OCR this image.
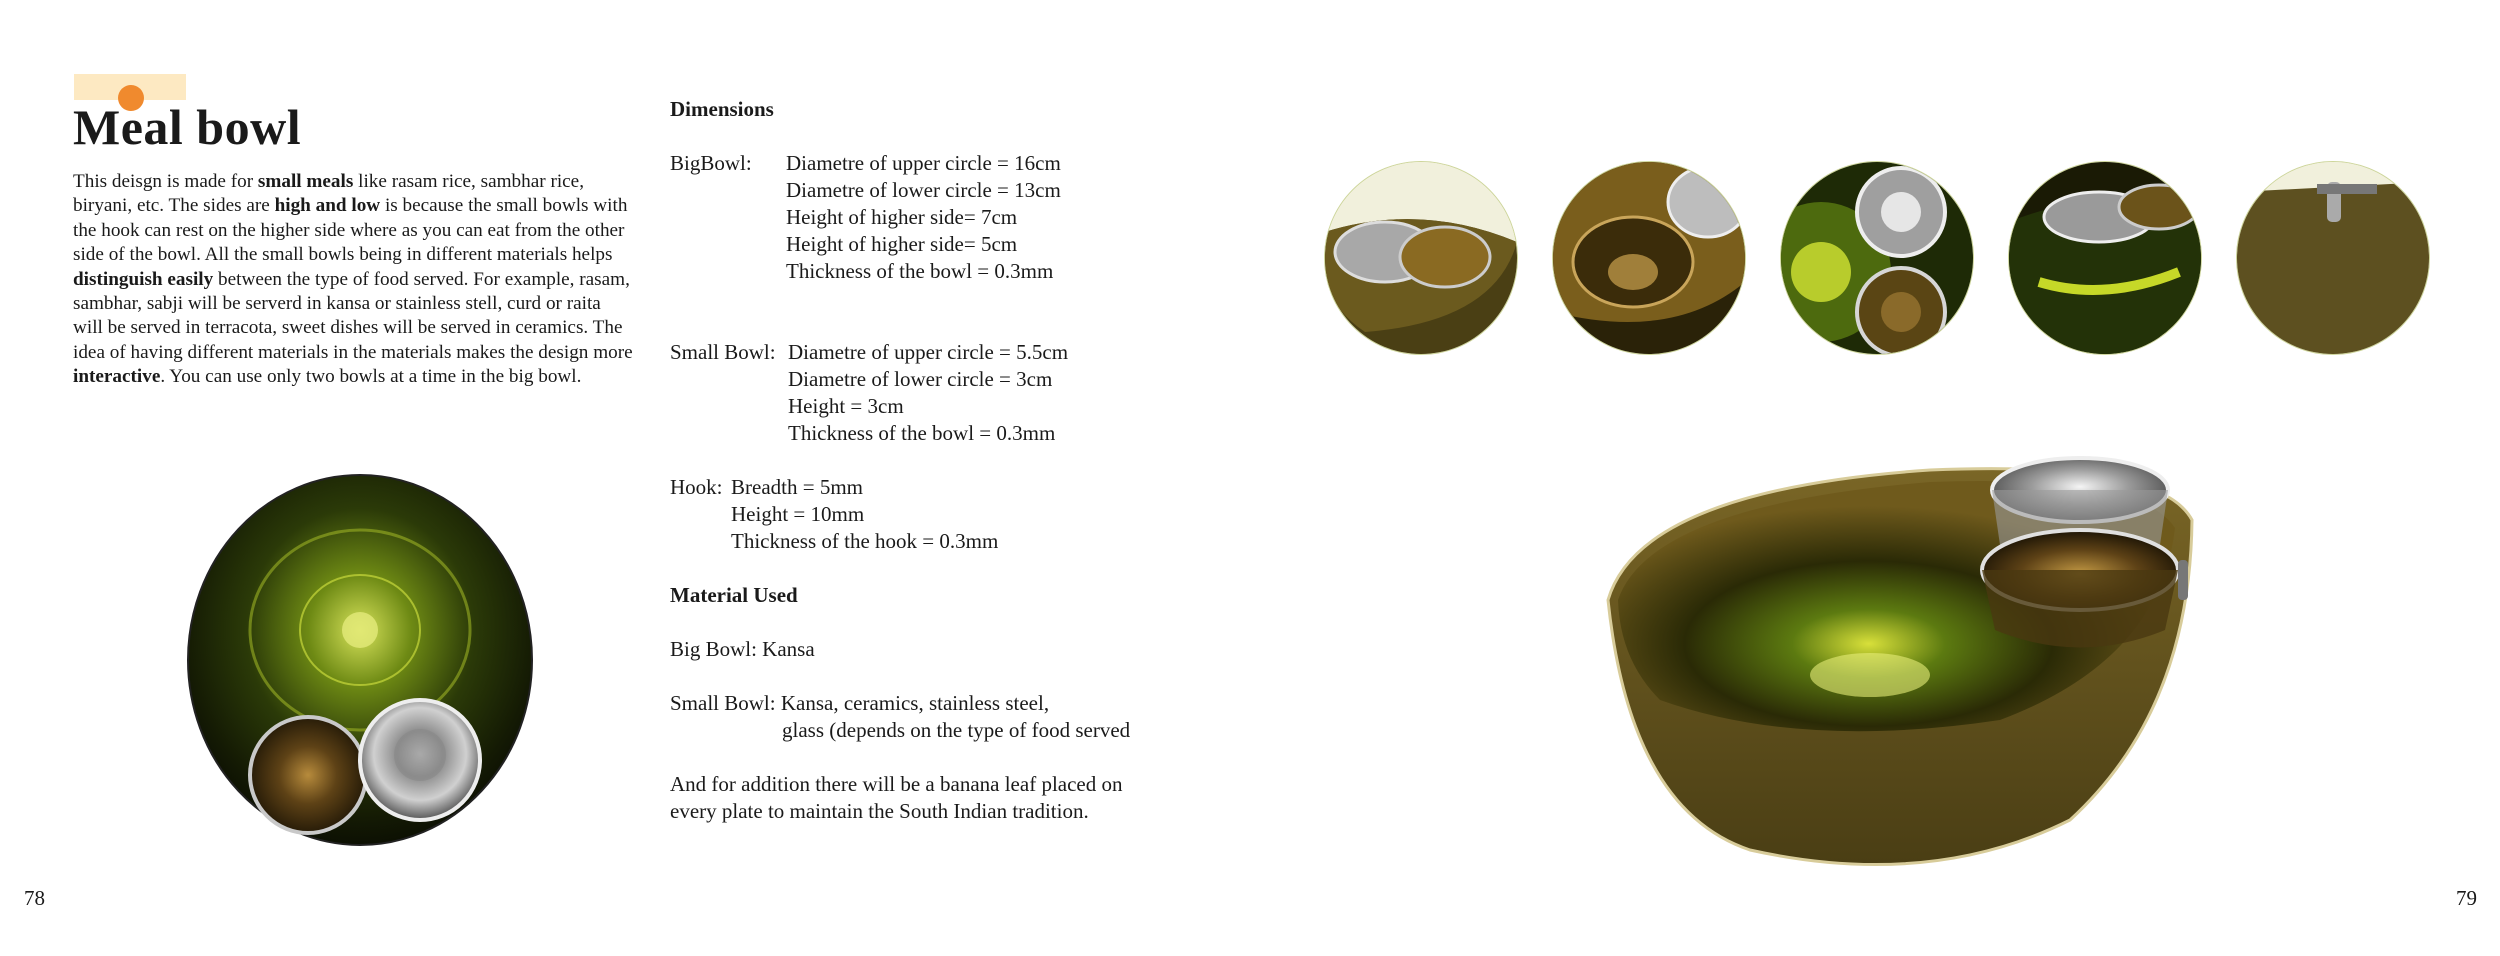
Meal bowl

This deisgn is made for small meals like rasam rice, sambhar rice, biryani, etc. The sides are high and low is because the small bowls with the hook can rest on the higher side where as you can eat from the other side of the bowl. All the small bowls being in different materials helps distinguish easily between the type of food served. For example, rasam, sambhar, sabji will be serverd in kansa or stainless stell, curd or raita will be served in terracota, sweet dishes will be served in ceramics. The idea of having different materials in the materials makes the design more interactive. You can use only two bowls at a time in the big bowl.

78
Dimensions
BigBowl: Diametre of upper circle = 16cm
Diametre of lower circle = 13cm
Height of higher side= 7cm
Height of higher side= 5cm
Thickness of the bowl = 0.3mm
Small Bowl: Diametre of upper circle = 5.5cm
Diametre of lower circle = 3cm
Height = 3cm
Thickness of the bowl = 0.3mm
Hook: Breadth = 5mm
Height = 10mm
Thickness of the hook = 0.3mm
Material Used
Big Bowl: Kansa
Small Bowl: Kansa, ceramics, stainless steel,
glass (depends on the type of food served
And for addition there will be a banana leaf placed on
every plate to maintain the South Indian tradition.
79
